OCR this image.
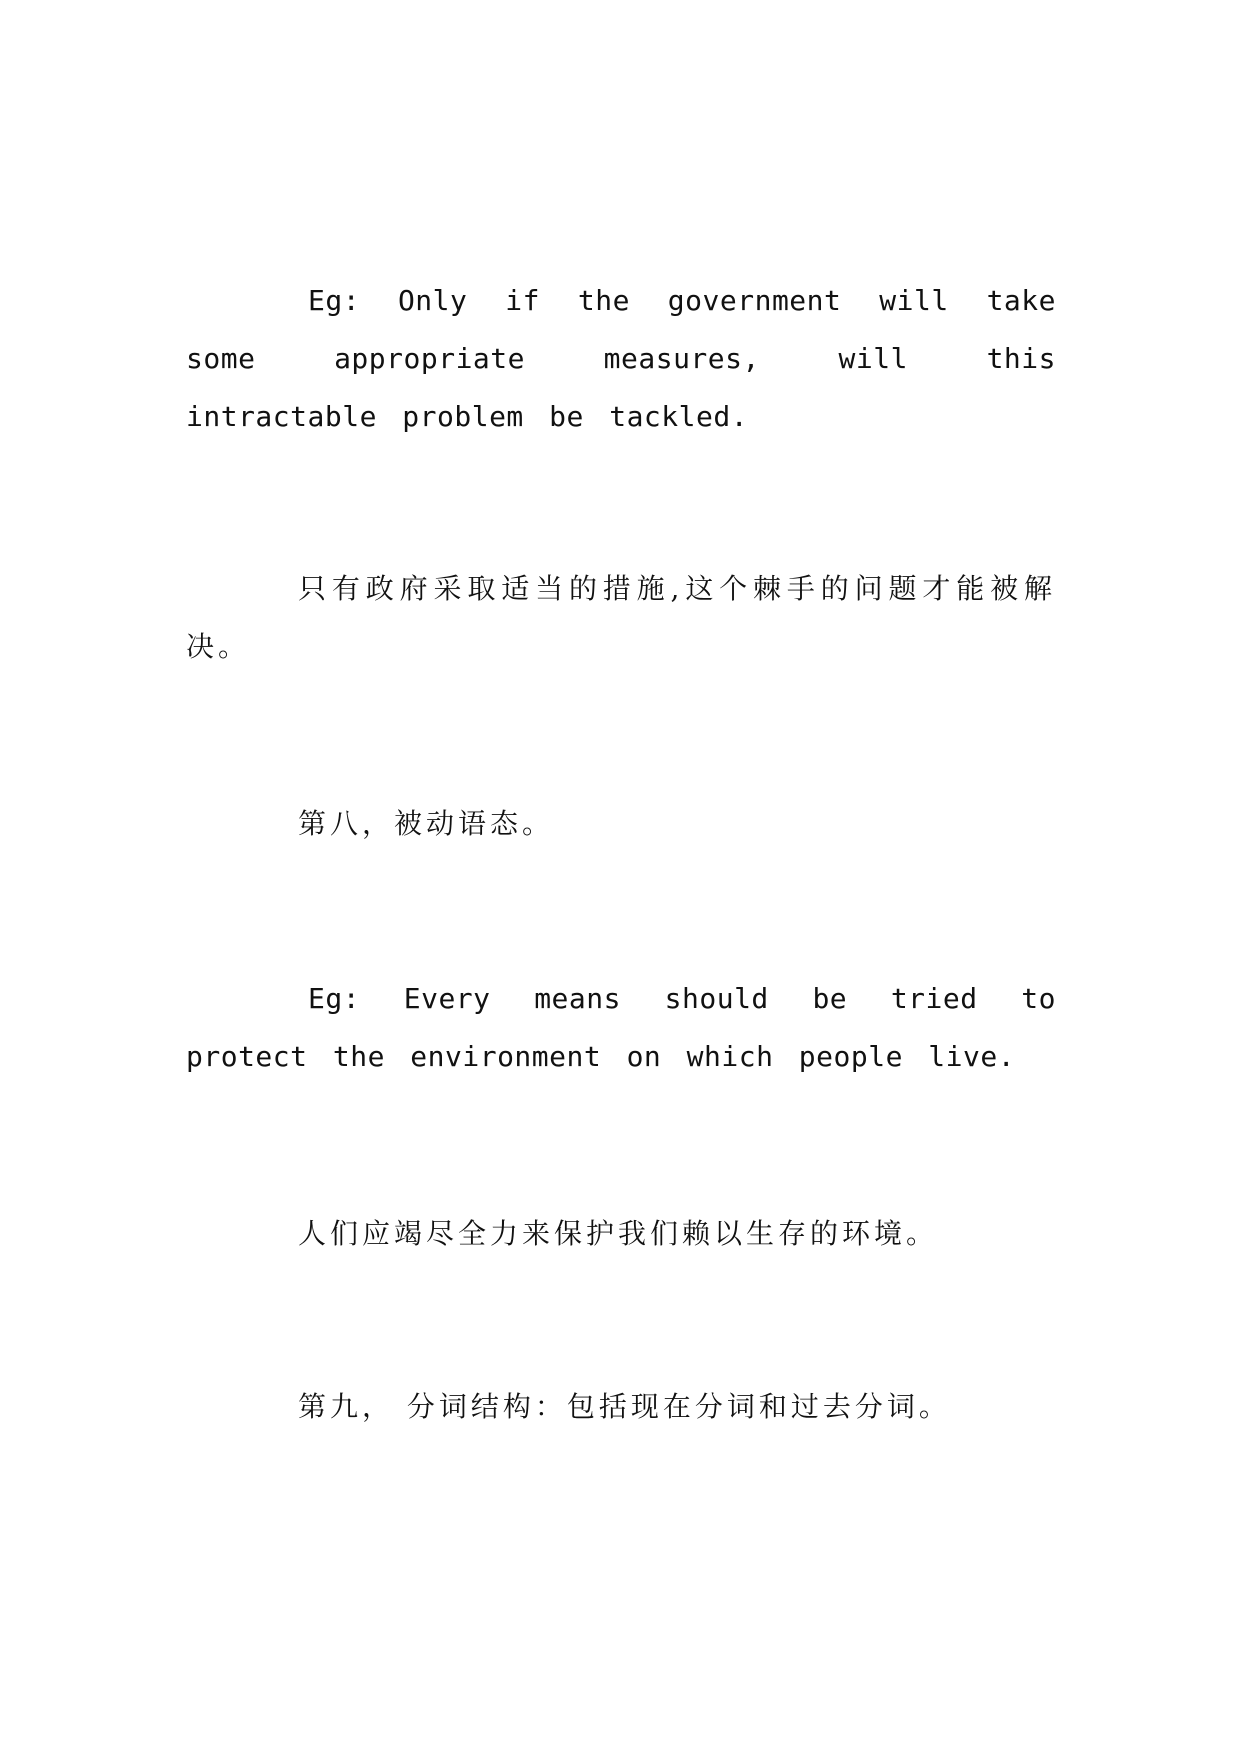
Eg: Only if the government will take some appropriate measures, will this intractable problem be tackled.

只有政府采取适当的措施,这个棘手的问题才能被解决。

第八，被动语态。

Eg: Every means should be tried to protect the environment on which people live.

人们应竭尽全力来保护我们赖以生存的环境。

第九， 分词结构：包括现在分词和过去分词。
